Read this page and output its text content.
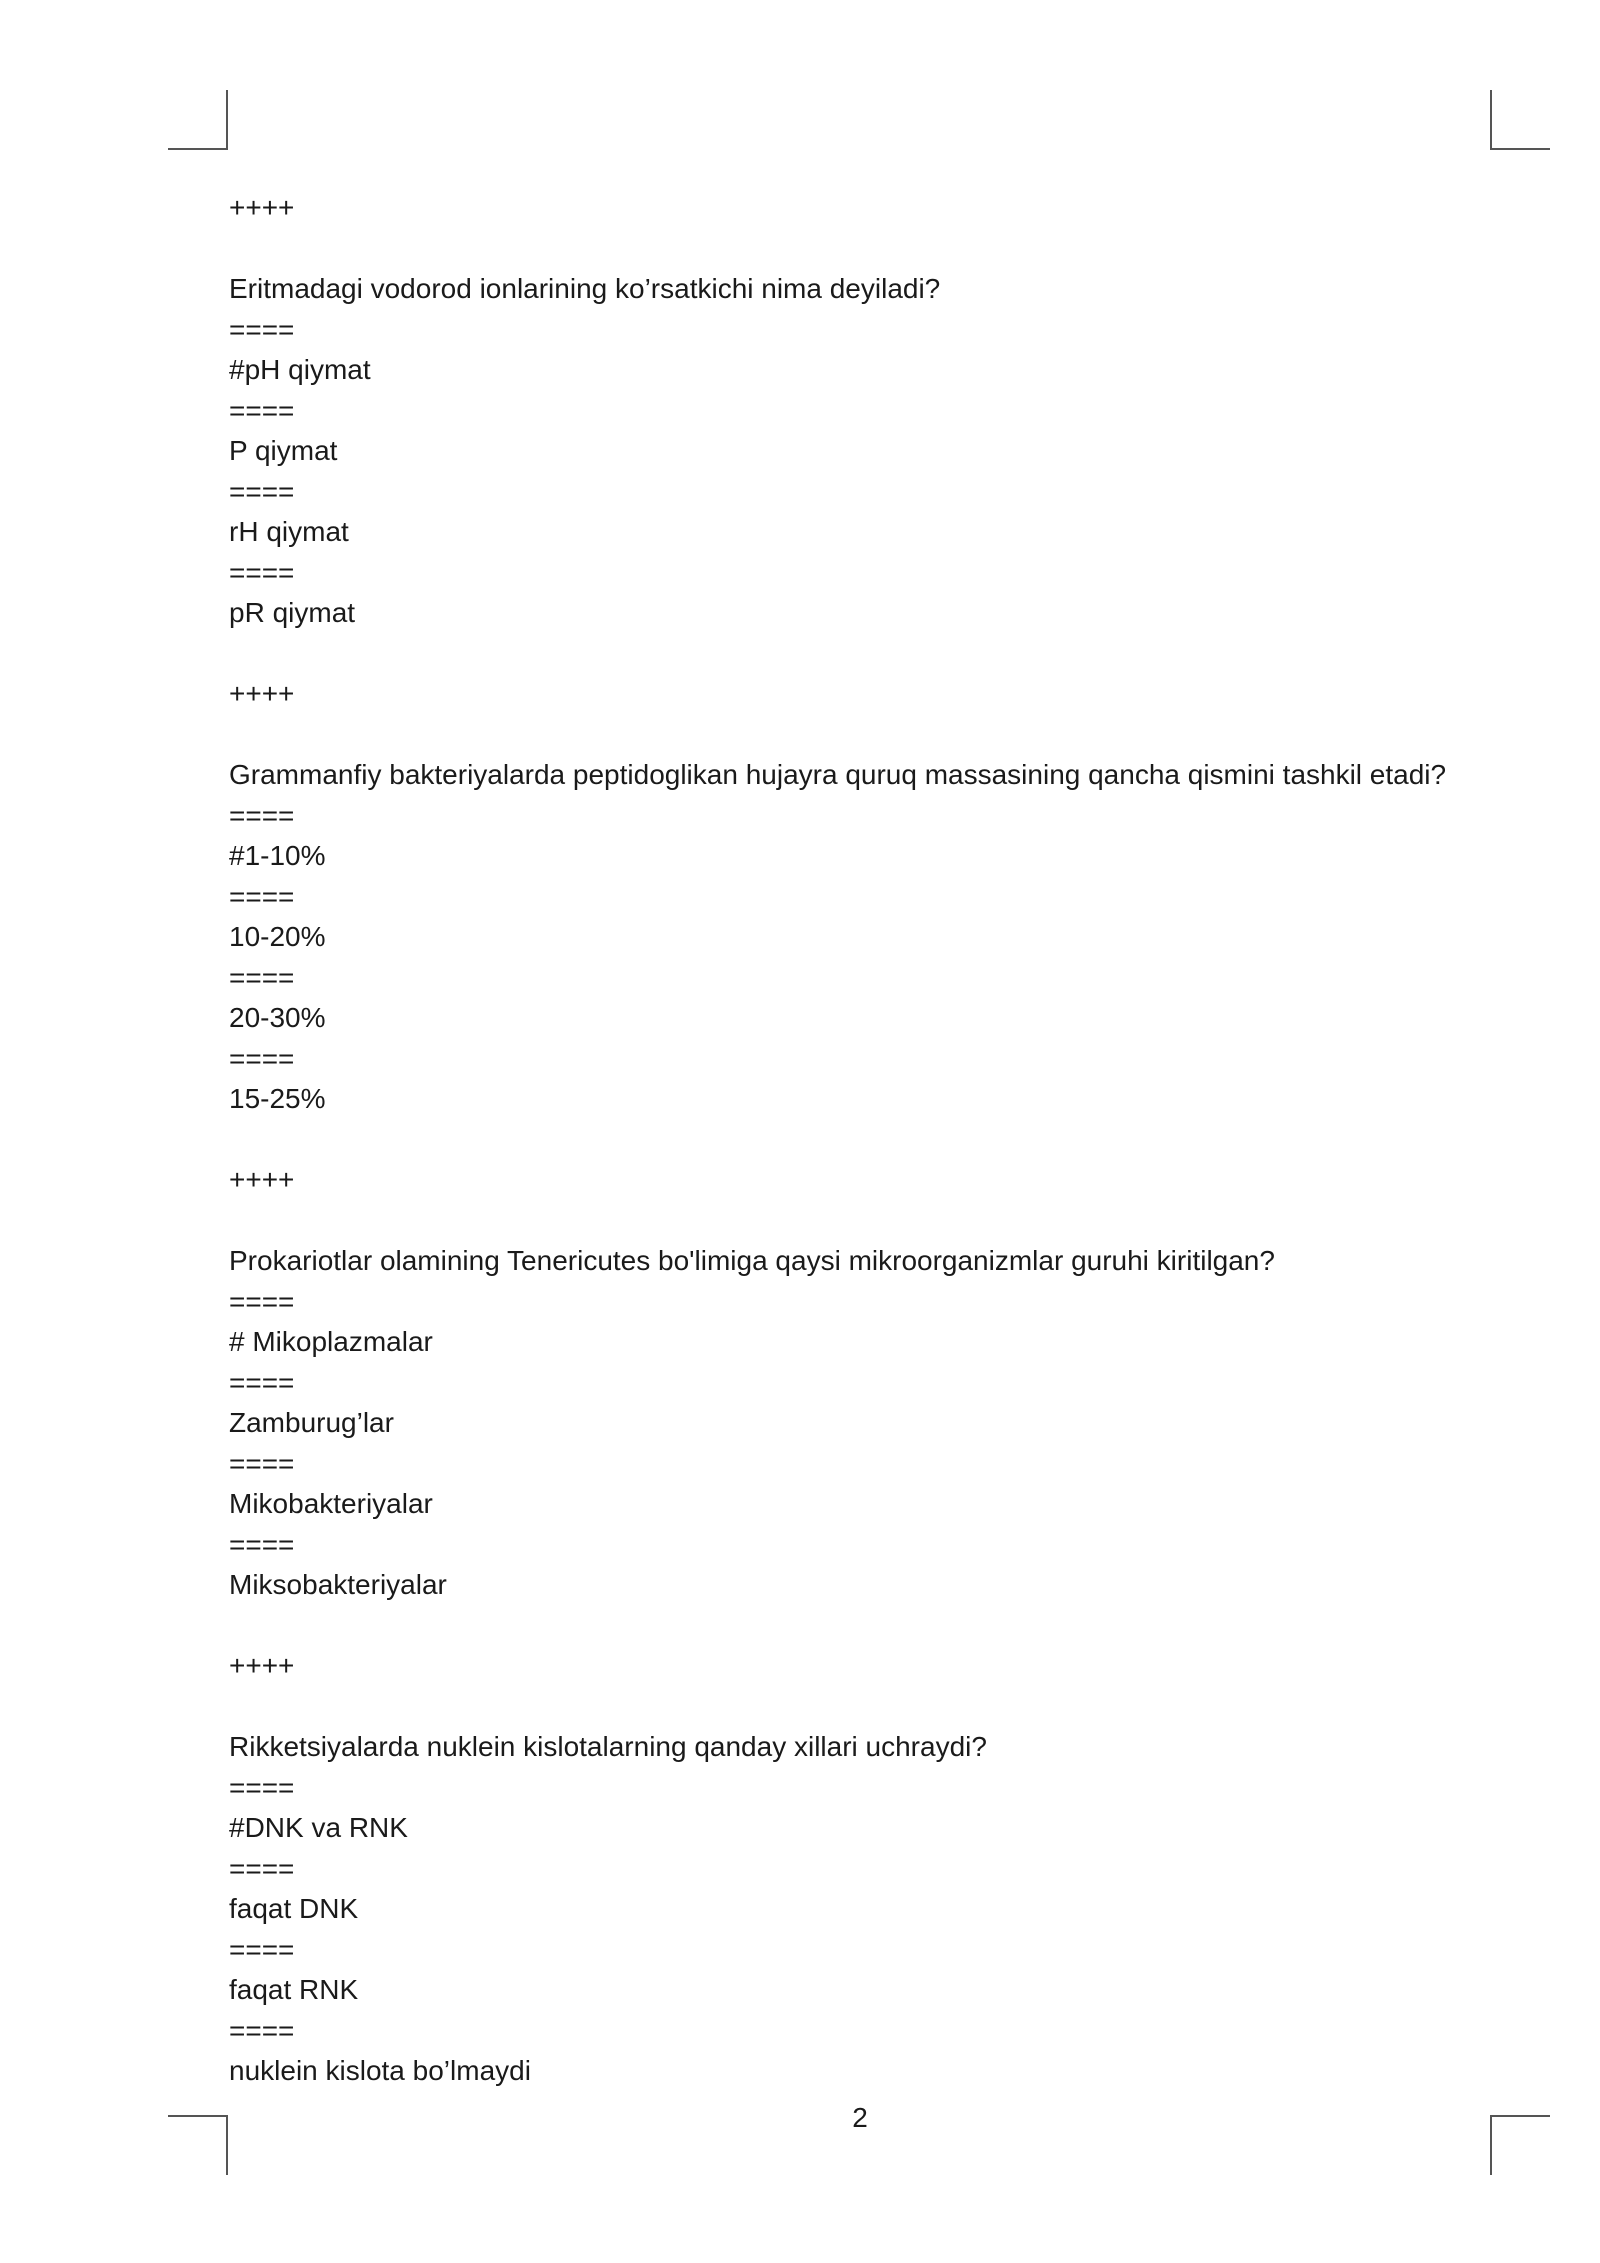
++++
Eritmadagi vodorod ionlarining ko’rsatkichi nima deyiladi?
====
#pH qiymat
====
P qiymat
====
rH qiymat
====
pR qiymat
++++
Grammanfiy bakteriyalarda peptidoglikan hujayra quruq massasining qancha qismini tashkil etadi?
====
#1-10%
====
10-20%
====
20-30%
====
15-25%
++++
Prokariotlar olamining Tenericutes bo'limiga qaysi mikroorganizmlar guruhi kiritilgan?
====
# Mikoplazmalar
====
Zamburug’lar
====
Mikobakteriyalar
====
Miksobakteriyalar
++++
Rikketsiyalarda nuklein kislotalarning qanday xillari uchraydi?
====
#DNK va RNK
====
faqat DNK
====
faqat RNK
====
nuklein kislota bo’lmaydi
2
